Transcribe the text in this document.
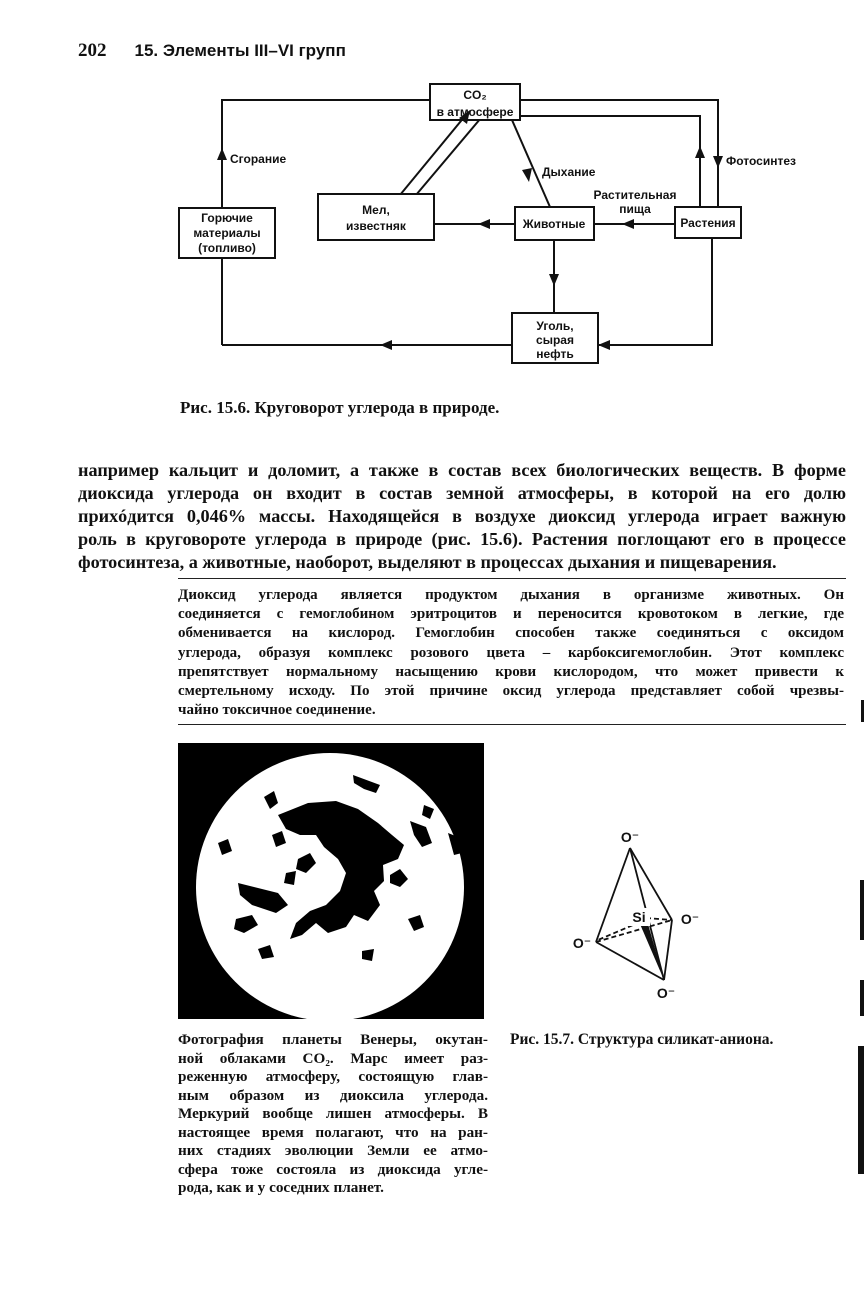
202 15. Элементы III–VI групп
CO₂
в атмосфере
Горючие
материалы
(топливо)
Мел,
известняк	Животные	Растения
Уголь,
сырая
нефть
Сгорание
Дыхание
Фотосинтез
Растительная
пища
Рис. 15.6. Круговорот углерода в природе.
например кальцит и доломит, а также в состав всех биологических веществ. В форме
диоксида углерода он входит в состав земной атмосферы, в которой на его долю
прихóдится 0,046% массы. Находящейся в воздухе диоксид углерода играет важную
роль в круговороте углерода в природе (рис. 15.6). Растения поглощают его в процессе
фотосинтеза, а животные, наоборот, выделяют в процессах дыхания и пищеварения.
Диоксид углерода является продуктом дыхания в организме животных. Он
соединяется с гемоглобином эритроцитов и переносится кровотоком в легкие, где
обменивается на кислород. Гемоглобин способен также соединяться с оксидом
углерода, образуя комплекс розового цвета – карбоксигемоглобин. Этот комплекс
препятствует нормальному насыщению крови кислородом, что может привести к
смертельному исходу. По этой причине оксид углерода представляет собой чрезвы-
чайно токсичное соединение.
Фотография планеты Венеры, окутан-
ной облаками CO₂. Марс имеет раз-
реженную атмосферу, состоящую глав-
ным образом из диоксила углерода.
Меркурий вообще лишен атмосферы. В
настоящее время полагают, что на ран-
них стадиях эволюции Земли ее атмо-
сфера тоже состояла из диоксида угле-
рода, как и у соседних планет.
Si
O⁻
O⁻
O⁻
O⁻
Рис. 15.7. Структура силикат-аниона.
